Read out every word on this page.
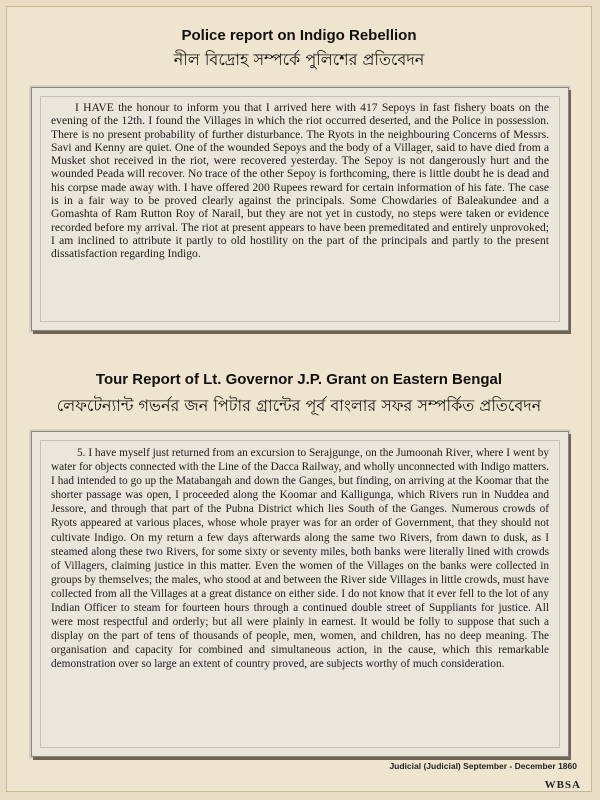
Police report on Indigo Rebellion
নীল বিদ্রোহ সম্পর্কে পুলিশের প্রতিবেদন

I HAVE the honour to inform you that I arrived here with 417 Sepoys in fast fishery boats on the evening of the 12th. I found the Villages in which the riot occurred deserted, and the Police in possession. There is no present probability of further disturbance. The Ryots in the neighbouring Concerns of Messrs. Savi and Kenny are quiet. One of the wounded Sepoys and the body of a Villager, said to have died from a Musket shot received in the riot, were recovered yesterday. The Sepoy is not dangerously hurt and the wounded Peada will recover. No trace of the other Sepoy is forthcoming, there is little doubt he is dead and his corpse made away with. I have offered 200 Rupees reward for certain information of his fate. The case is in a fair way to be proved clearly against the principals. Some Chowdaries of Baleakundee and a Gomashta of Ram Rutton Roy of Narail, but they are not yet in custody, no steps were taken or evidence recorded before my arrival. The riot at present appears to have been premeditated and entirely unprovoked; I am inclined to attribute it partly to old hostility on the part of the principals and partly to the present dissatisfaction regarding Indigo.

Tour Report of Lt. Governor J.P. Grant on Eastern Bengal
লেফটেন্যান্ট গভর্নর জন পিটার গ্রান্টের পূর্ব বাংলার সফর সম্পর্কিত প্রতিবেদন

5. I have myself just returned from an excursion to Serajgunge, on the Jumoonah River, where I went by water for objects connected with the Line of the Dacca Railway, and wholly unconnected with Indigo matters. I had intended to go up the Matabangah and down the Ganges, but finding, on arriving at the Koomar that the shorter passage was open, I proceeded along the Koomar and Kalligunga, which Rivers run in Nuddea and Jessore, and through that part of the Pubna District which lies South of the Ganges. Numerous crowds of Ryots appeared at various places, whose whole prayer was for an order of Government, that they should not cultivate Indigo. On my return a few days afterwards along the same two Rivers, from dawn to dusk, as I steamed along these two Rivers, for some sixty or seventy miles, both banks were literally lined with crowds of Villagers, claiming justice in this matter. Even the women of the Villages on the banks were collected in groups by themselves; the males, who stood at and between the River side Villages in little crowds, must have collected from all the Villages at a great distance on either side. I do not know that it ever fell to the lot of any Indian Officer to steam for fourteen hours through a continued double street of Suppliants for justice. All were most respectful and orderly; but all were plainly in earnest. It would be folly to suppose that such a display on the part of tens of thousands of people, men, women, and children, has no deep meaning. The organisation and capacity for combined and simultaneous action, in the cause, which this remarkable demonstration over so large an extent of country proved, are subjects worthy of much consideration.

Judicial (Judicial) September - December 1860
WBSA
